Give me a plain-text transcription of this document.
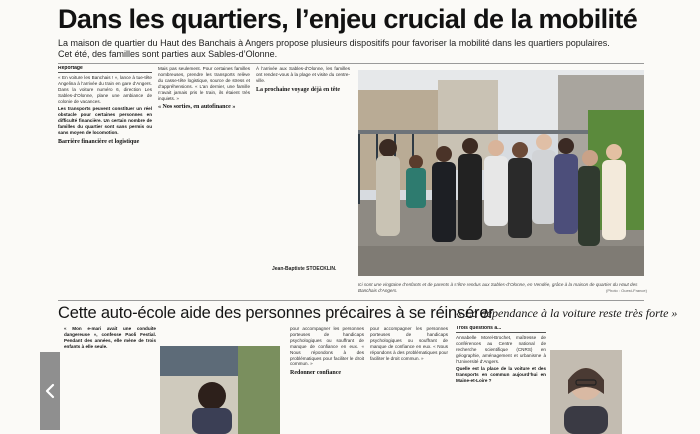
Dans les quartiers, l’enjeu crucial de la mobilité
La maison de quartier du Haut des Banchais à Angers propose plusieurs dispositifs pour favoriser la mobilité dans les quartiers populaires. Cet été, des familles sont parties aux Sables-d’Olonne.
Reportage

« En voiture les Banchais ! », lance à tue-tête Angelina à l’arrivée du train en gare d’Angers. Dans la voiture numéro 6, direction Les Sables-d’Olonne, plane une ambiance de colonie de vacances.

Les transports peuvent constituer un réel obstacle pour certaines personnes en difficulté financière. Un certain nombre de familles du quartier sont sans permis ou sans moyen de locomotion.

Barrière financière et logistique

Mais pas seulement. Pour certaines familles nombreuses, prendre les transports relève du casse-tête logistique, source de stress et d’appréhensions. « L’an dernier, une famille n’avait jamais pris le train, ils étaient très inquiets. »

« Nos sorties, en autofinance »

À l’arrivée aux Sables-d’Olonne, les familles ont rendez-vous à la plage et visite du centre-ville.

La prochaine voyage déjà en tête
Jean-Baptiste STOECKLIN.
Ici sont une vingtaine d’enfants et de parents à s’être rendus aux Sables-d’Olonne, en Vendée, grâce à la maison de quartier du Haut des Banchais d’Angers.	(Photo : Ouest-France)
Cette auto-école aide des personnes précaires à se réinsérer

« Mon e-mari avait une conduite dangereuse », confesse Paoli Festial. Pendant des années, elle mène de trois enfants à elle seule.

pour accompagner les personnes porteuses de handicaps psychologiques ou souffrant de manque de confiance en eux. « Nous répondons à des problématiques pour faciliter le droit commun. »

Redonner confiance

pour accompagner les personnes porteuses de handicaps psychologiques ou souffrant de manque de confiance en eux. « Nous répondons à des problématiques pour faciliter le droit commun. »

« La dépendance à la voiture reste très forte »
Trois questions à...

Annabelle Morel-Brochet, maîtresse de conférences au Centre national de recherche scientifique (CNRS) en géographie, aménagement et urbanisme à l’Université d’Angers.

Quelle est la place de la voiture et des transports en commun aujourd’hui en Maine-et-Loire ?
